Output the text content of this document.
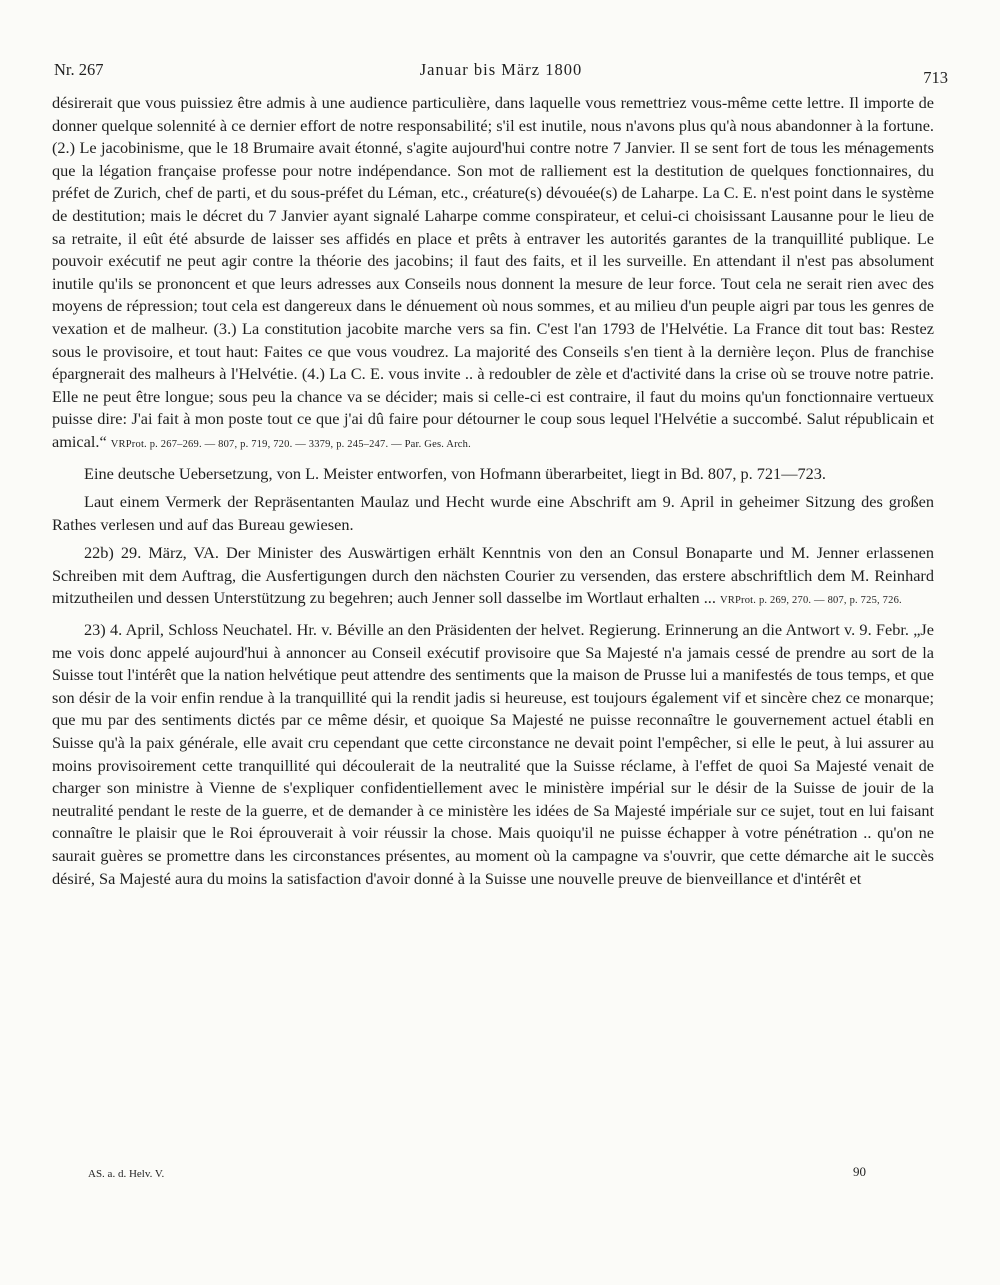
Nr. 267	Januar bis März 1800	713

désirerait que vous puissiez être admis à une audience particulière, dans laquelle vous remettriez vous-même cette lettre. Il importe de donner quelque solennité à ce dernier effort de notre responsabilité; s'il est inutile, nous n'avons plus qu'à nous abandonner à la fortune. (2.) Le jacobinisme, que le 18 Brumaire avait étonné, s'agite aujourd'hui contre notre 7 Janvier. Il se sent fort de tous les ménagements que la légation française professe pour notre indépendance. Son mot de ralliement est la destitution de quelques fonctionnaires, du préfet de Zurich, chef de parti, et du sous-préfet du Léman, etc., créature(s) dévouée(s) de Laharpe. La C. E. n'est point dans le système de destitution; mais le décret du 7 Janvier ayant signalé Laharpe comme conspirateur, et celui-ci choisissant Lausanne pour le lieu de sa retraite, il eût été absurde de laisser ses affidés en place et prêts à entraver les autorités garantes de la tranquillité publique. Le pouvoir exécutif ne peut agir contre la théorie des jacobins; il faut des faits, et il les surveille. En attendant il n'est pas absolument inutile qu'ils se prononcent et que leurs adresses aux Conseils nous donnent la mesure de leur force. Tout cela ne serait rien avec des moyens de répression; tout cela est dangereux dans le dénuement où nous sommes, et au milieu d'un peuple aigri par tous les genres de vexation et de malheur. (3.) La constitution jacobite marche vers sa fin. C'est l'an 1793 de l'Helvétie. La France dit tout bas: Restez sous le provisoire, et tout haut: Faites ce que vous voudrez. La majorité des Conseils s'en tient à la dernière leçon. Plus de franchise épargnerait des malheurs à l'Helvétie. (4.) La C. E. vous invite .. à redoubler de zèle et d'activité dans la crise où se trouve notre patrie. Elle ne peut être longue; sous peu la chance va se décider; mais si celle-ci est contraire, il faut du moins qu'un fonctionnaire vertueux puisse dire: J'ai fait à mon poste tout ce que j'ai dû faire pour détourner le coup sous lequel l'Helvétie a succombé. Salut républicain et amical.“ VRProt. p. 267–269. — 807, p. 719, 720. — 3379, p. 245–247. — Par. Ges. Arch.

Eine deutsche Uebersetzung, von L. Meister entworfen, von Hofmann überarbeitet, liegt in Bd. 807, p. 721—723.

Laut einem Vermerk der Repräsentanten Maulaz und Hecht wurde eine Abschrift am 9. April in geheimer Sitzung des großen Rathes verlesen und auf das Bureau gewiesen.

22b) 29. März, VA. Der Minister des Auswärtigen erhält Kenntnis von den an Consul Bonaparte und M. Jenner erlassenen Schreiben mit dem Auftrag, die Ausfertigungen durch den nächsten Courier zu versenden, das erstere abschriftlich dem M. Reinhard mitzutheilen und dessen Unterstützung zu begehren; auch Jenner soll dasselbe im Wortlaut erhalten ... VRProt. p. 269, 270. — 807, p. 725, 726.

23) 4. April, Schloss Neuchatel. Hr. v. Béville an den Präsidenten der helvet. Regierung. Erinnerung an die Antwort v. 9. Febr. „Je me vois donc appelé aujourd'hui à annoncer au Conseil exécutif provisoire que Sa Majesté n'a jamais cessé de prendre au sort de la Suisse tout l'intérêt que la nation helvétique peut attendre des sentiments que la maison de Prusse lui a manifestés de tous temps, et que son désir de la voir enfin rendue à la tranquillité qui la rendit jadis si heureuse, est toujours également vif et sincère chez ce monarque; que mu par des sentiments dictés par ce même désir, et quoique Sa Majesté ne puisse reconnaître le gouvernement actuel établi en Suisse qu'à la paix générale, elle avait cru cependant que cette circonstance ne devait point l'empêcher, si elle le peut, à lui assurer au moins provisoirement cette tranquillité qui découlerait de la neutralité que la Suisse réclame, à l'effet de quoi Sa Majesté venait de charger son ministre à Vienne de s'expliquer confidentiellement avec le ministère impérial sur le désir de la Suisse de jouir de la neutralité pendant le reste de la guerre, et de demander à ce ministère les idées de Sa Majesté impériale sur ce sujet, tout en lui faisant connaître le plaisir que le Roi éprouverait à voir réussir la chose. Mais quoiqu'il ne puisse échapper à votre pénétration .. qu'on ne saurait guères se promettre dans les circonstances présentes, au moment où la campagne va s'ouvrir, que cette démarche ait le succès désiré, Sa Majesté aura du moins la satisfaction d'avoir donné à la Suisse une nouvelle preuve de bienveillance et d'intérêt et

AS. a. d. Helv. V.	90
